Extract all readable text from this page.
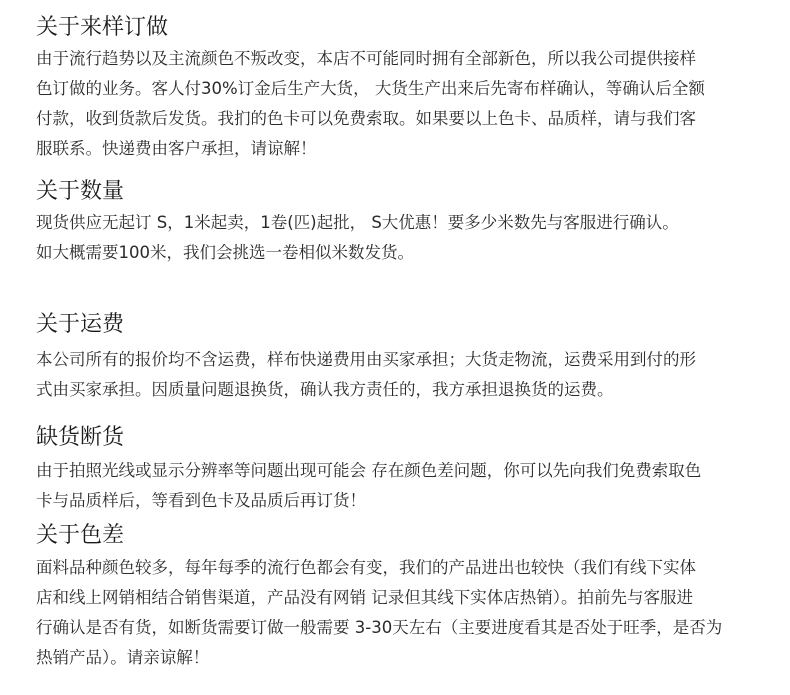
关于来样订做

由于流行趋势以及主流颜色不叛改变，本店不可能同时拥有全部新色，所以我公司提供接样
色订做的业务。客人付30%订金后生产大货， 大货生产出来后先寄布样确认，等确认后全额
付款，收到货款后发货。我扪的色卡可以免费索取。如果要以上色卡、品质样，请与我们客
服联系。快递费由客户承担，请谅解！

关于数量

现货供应无起订 S，1米起卖，1卷(匹)起批， S大优惠！要多少米数先与客服进行确认。
如大概需要100米，我们会挑选一卷相似米数发货。

关于运费

本公司所有的报价均不含运费，样布快递费用由买家承担；大货走物流，运费采用到付的形
式由买家承担。因质量问题退换货，确认我方责任的，我方承担退换货的运费。

缺货断货

由于拍照光线或显示分辨率等问题出现可能会 存在颜色差问题，你可以先向我们免费索取色
卡与品质样后，等看到色卡及品质后再订货！

关于色差

面料品种颜色较多，每年每季的流行色都会有变，我们的产品进出也较快（我们有线下实体
店和线上网销相结合销售渠道，产品没有网销 记录但其线下实体店热销）。拍前先与客服进
行确认是否有货，如断货需要订做一般需要 3-30天左右（主要进度看其是否处于旺季，是否为
热销产品）。请亲谅解！
